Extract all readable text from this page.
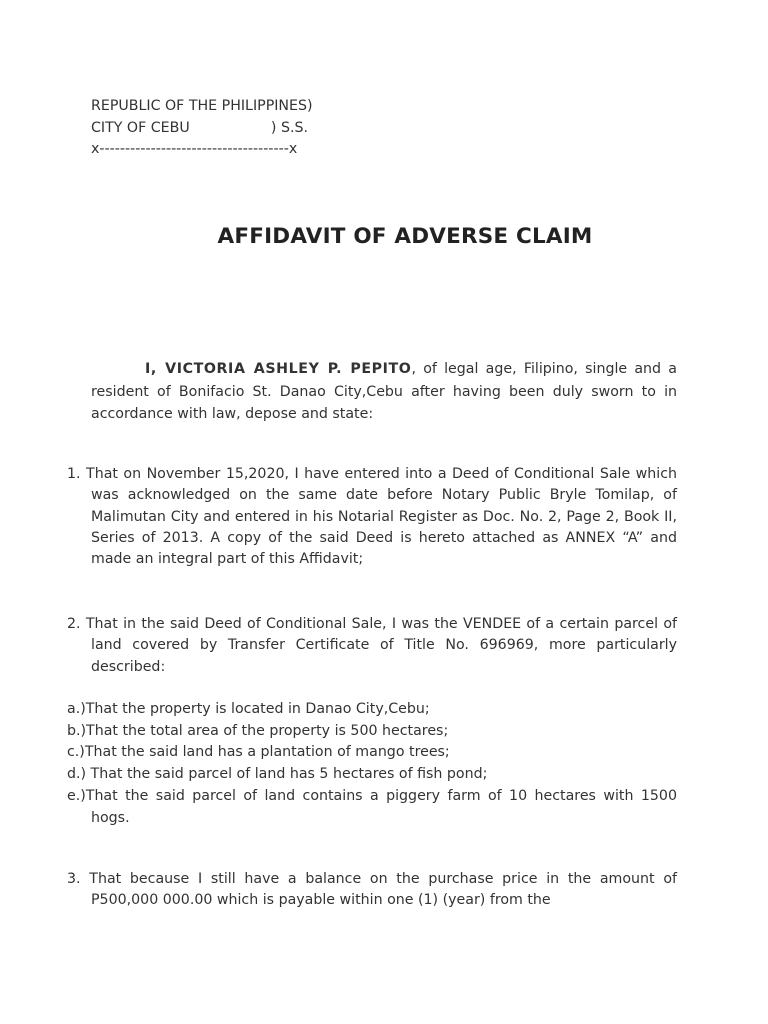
REPUBLIC OF THE PHILIPPINES)
CITY OF CEBU                  ) S.S.
x-------------------------------------x
AFFIDAVIT OF ADVERSE CLAIM
I, VICTORIA ASHLEY P. PEPITO, of legal age, Filipino, single and a resident of Bonifacio St. Danao City,Cebu after having been duly sworn to in accordance with law, depose and state:
1. That on November 15,2020, I have entered into a Deed of Conditional Sale which was acknowledged on the same date before Notary Public Bryle Tomilap, of Malimutan City and entered in his Notarial Register as Doc. No. 2, Page 2, Book II, Series of 2013. A copy of the said Deed is hereto attached as ANNEX “A” and made an integral part of this Affidavit;
2. That in the said Deed of Conditional Sale, I was the VENDEE of a certain parcel of land covered by Transfer Certificate of Title No. 696969, more particularly described:
a.)That the property is located in Danao City,Cebu;
b.)That the total area of the property is 500 hectares;
c.)That the said land has a plantation of mango trees;
d.) That the said parcel of land has 5 hectares of fish pond;
e.)That the said parcel of land contains a piggery farm of 10 hectares with 1500 hogs.
3. That because I still have a balance on the purchase price in the amount of P500,000 000.00 which is payable within one (1) (year) from the
